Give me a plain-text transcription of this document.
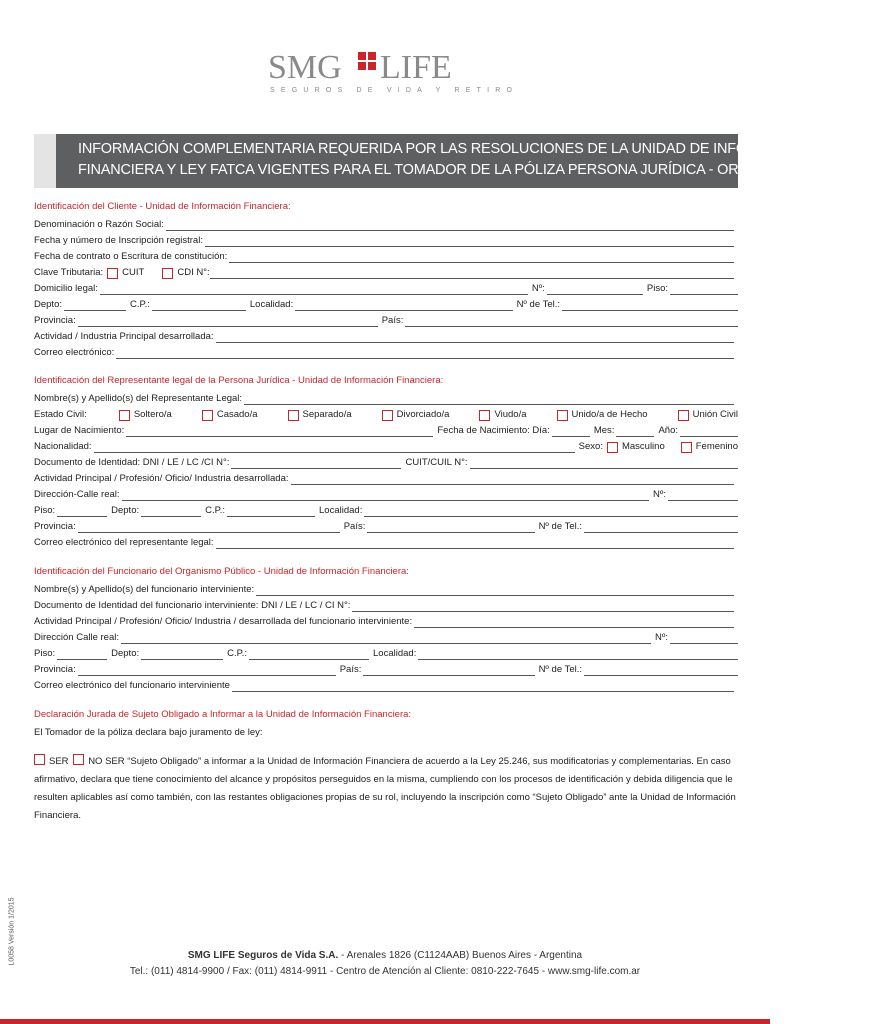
SMG LIFE
SEGUROS DE VIDA Y RETIRO
INFORMACIÓN COMPLEMENTARIA REQUERIDA POR LAS RESOLUCIONES DE LA UNIDAD DE INFORMACIÓN
FINANCIERA Y LEY FATCA VIGENTES PARA EL TOMADOR DE LA PÓLIZA PERSONA JURÍDICA - ORGANISMO PÚBLICO.
Identificación del Cliente - Unidad de Información Financiera:
Denominación o Razón Social:
Fecha y número de Inscripción registral:
Fecha de contrato o Escritura de constitución:
Clave Tributaria: CUIT	CDI N°:
Domicilio legal:	Nº:	Piso:
Depto:	C.P.:	Localidad:	Nº de Tel.:
Provincia:	País:
Actividad / Industria Principal desarrollada:
Correo electrónico:
Identificación del Representante legal de la Persona Jurídica - Unidad de Información Financiera:
Nombre(s) y Apellido(s) del Representante Legal:
Estado Civil:	Soltero/a	Casado/a	Separado/a	Divorciado/a	Viudo/a	Unido/a de Hecho	Unión Civil
Lugar de Nacimiento:	Fecha de Nacimiento: Día:	Mes:	Año:
Nacionalidad:	Sexo: Masculino	Femenino
Documento de Identidad: DNI / LE / LC /CI N°:	CUIT/CUIL N°:
Actividad Principal / Profesión/ Oficio/ Industria desarrollada:
Dirección-Calle real:	Nº:
Piso:	Depto:	C.P.:	Localidad:
Provincia:	País:	Nº de Tel.:
Correo electrónico del representante legal:
Identificación del Funcionario del Organismo Público - Unidad de Información Financiera:
Nombre(s) y Apellido(s) del funcionario interviniente:
Documento de Identidad del funcionario interviniente: DNI / LE / LC / CI N°:
Actividad Principal / Profesión/ Oficio/ Industria / desarrollada del funcionario interviniente:
Dirección Calle real:	Nº:
Piso:	Depto:	C.P.:	Localidad:
Provincia:	País:	Nº de Tel.:
Correo electrónico del funcionario interviniente
Declaración Jurada de Sujeto Obligado a Informar a la Unidad de Información Financiera:
El Tomador de la póliza declara bajo juramento de ley:
SER NO SER “Sujeto Obligado” a informar a la Unidad de Información Financiera de acuerdo a la Ley 25.246, sus modificatorias y complementarias. En caso afirmativo, declara que tiene conocimiento del alcance y propósitos perseguidos en la misma, cumpliendo con los procesos de identificación y debida diligencia que le resulten aplicables así como también, con las restantes obligaciones propias de su rol, incluyendo la inscripción como “Sujeto Obligado” ante la Unidad de Información Financiera.
L0058 Versión 1/2015	SMG LIFE Seguros de Vida S.A. - Arenales 1826 (C1124AAB) Buenos Aires - Argentina
Tel.: (011) 4814-9900 / Fax: (011) 4814-9911 - Centro de Atención al Cliente: 0810-222-7645 - www.smg-life.com.ar
